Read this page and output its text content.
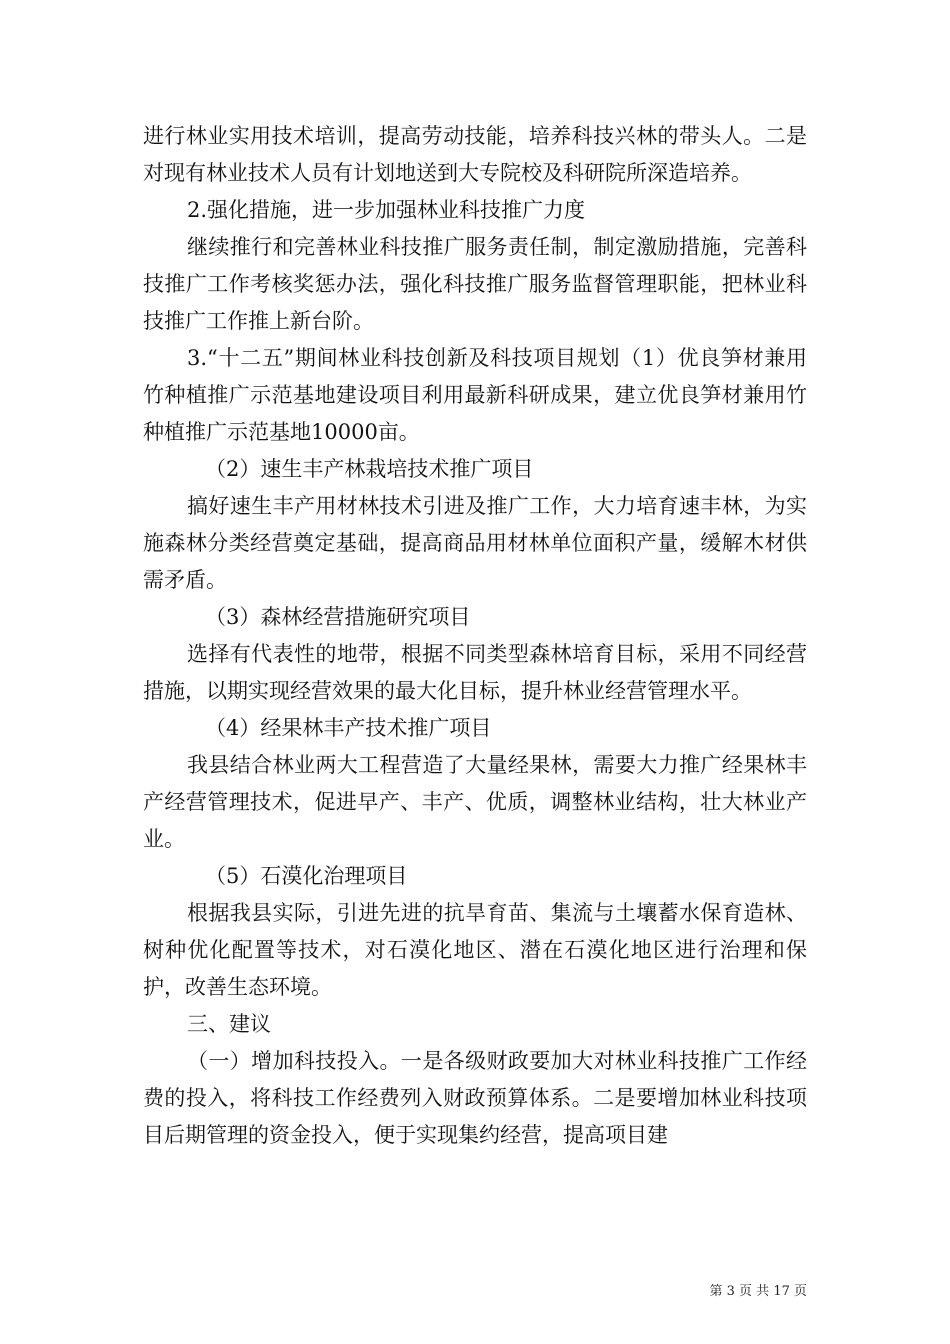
进行林业实用技术培训，提高劳动技能，培养科技兴林的带头人。二是对现有林业技术人员有计划地送到大专院校及科研院所深造培养。

2.强化措施，进一步加强林业科技推广力度

继续推行和完善林业科技推广服务责任制，制定激励措施，完善科技推广工作考核奖惩办法，强化科技推广服务监督管理职能，把林业科技推广工作推上新台阶。

3.“十二五”期间林业科技创新及科技项目规划（1）优良笋材兼用竹种植推广示范基地建设项目利用最新科研成果，建立优良笋材兼用竹种植推广示范基地10000亩。

（2）速生丰产林栽培技术推广项目

搞好速生丰产用材林技术引进及推广工作，大力培育速丰林，为实施森林分类经营奠定基础，提高商品用材林单位面积产量，缓解木材供需矛盾。

（3）森林经营措施研究项目

选择有代表性的地带，根据不同类型森林培育目标，采用不同经营措施，以期实现经营效果的最大化目标，提升林业经营管理水平。

（4）经果林丰产技术推广项目

我县结合林业两大工程营造了大量经果林，需要大力推广经果林丰产经营管理技术，促进早产、丰产、优质，调整林业结构，壮大林业产业。

（5）石漠化治理项目

根据我县实际，引进先进的抗旱育苗、集流与土壤蓄水保育造林、树种优化配置等技术，对石漠化地区、潜在石漠化地区进行治理和保护，改善生态环境。

三、建议

（一）增加科技投入。一是各级财政要加大对林业科技推广工作经费的投入，将科技工作经费列入财政预算体系。二是要增加林业科技项目后期管理的资金投入，便于实现集约经营，提高项目建

第 3 页 共 17 页
